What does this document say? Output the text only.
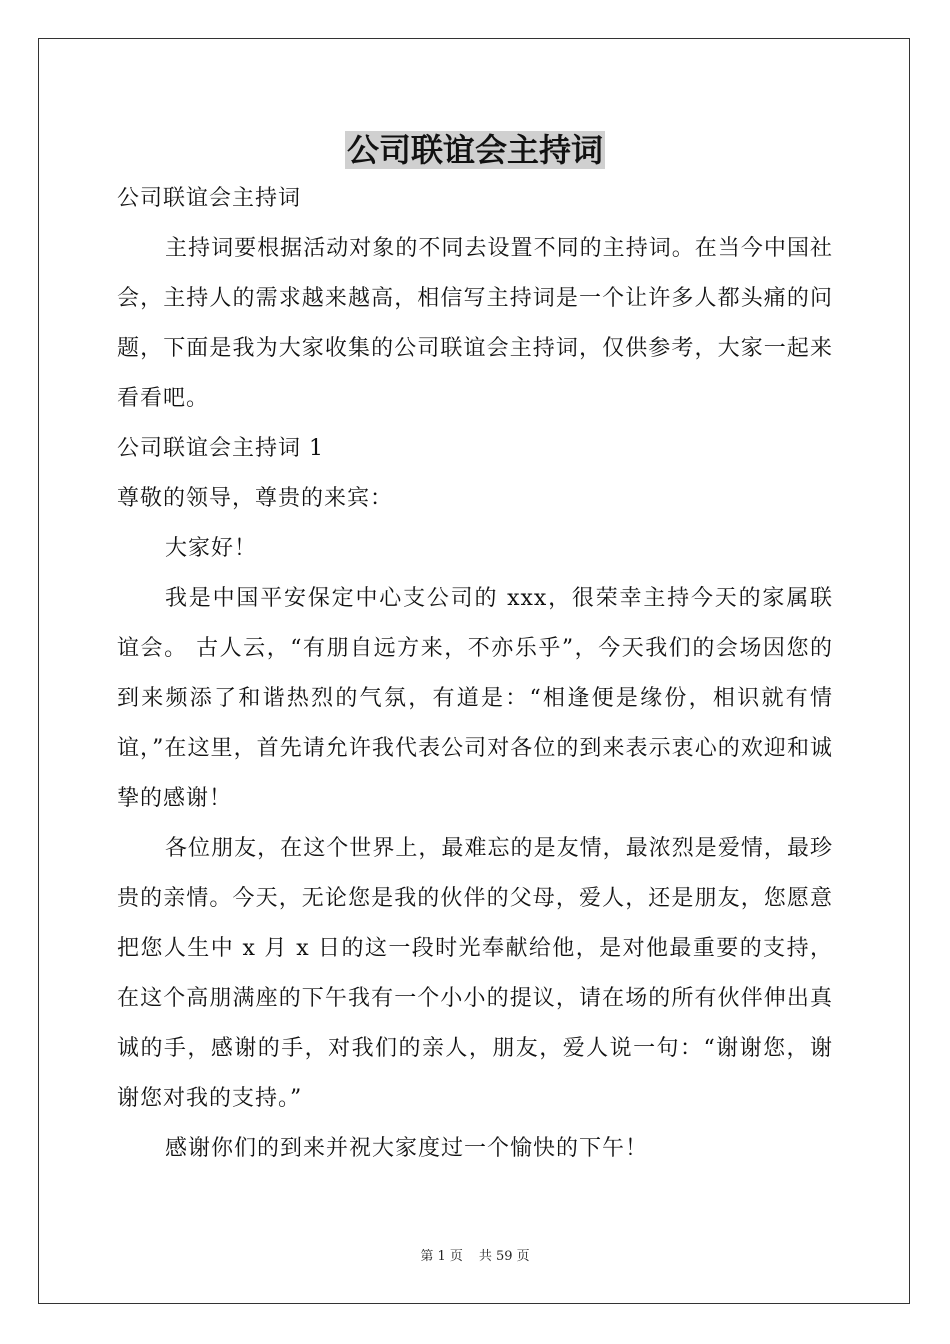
公司联谊会主持词

公司联谊会主持词

主持词要根据活动对象的不同去设置不同的主持词。在当今中国社会，主持人的需求越来越高，相信写主持词是一个让许多人都头痛的问题，下面是我为大家收集的公司联谊会主持词，仅供参考，大家一起来看看吧。

公司联谊会主持词 1

尊敬的领导，尊贵的来宾：

大家好！

我是中国平安保定中心支公司的 xxx，很荣幸主持今天的家属联谊会。 古人云，“有朋自远方来，不亦乐乎”，今天我们的会场因您的到来频添了和谐热烈的气氛，有道是：“相逢便是缘份，相识就有情谊，”在这里，首先请允许我代表公司对各位的到来表示衷心的欢迎和诚挚的感谢！

各位朋友，在这个世界上，最难忘的是友情，最浓烈是爱情，最珍贵的亲情。今天，无论您是我的伙伴的父母，爱人，还是朋友，您愿意把您人生中 x 月 x 日的这一段时光奉献给他，是对他最重要的支持，在这个高朋满座的下午我有一个小小的提议，请在场的所有伙伴伸出真诚的手，感谢的手，对我们的亲人，朋友，爱人说一句：“谢谢您，谢谢您对我的支持。”

感谢你们的到来并祝大家度过一个愉快的下午！

第 1 页 共 59 页
